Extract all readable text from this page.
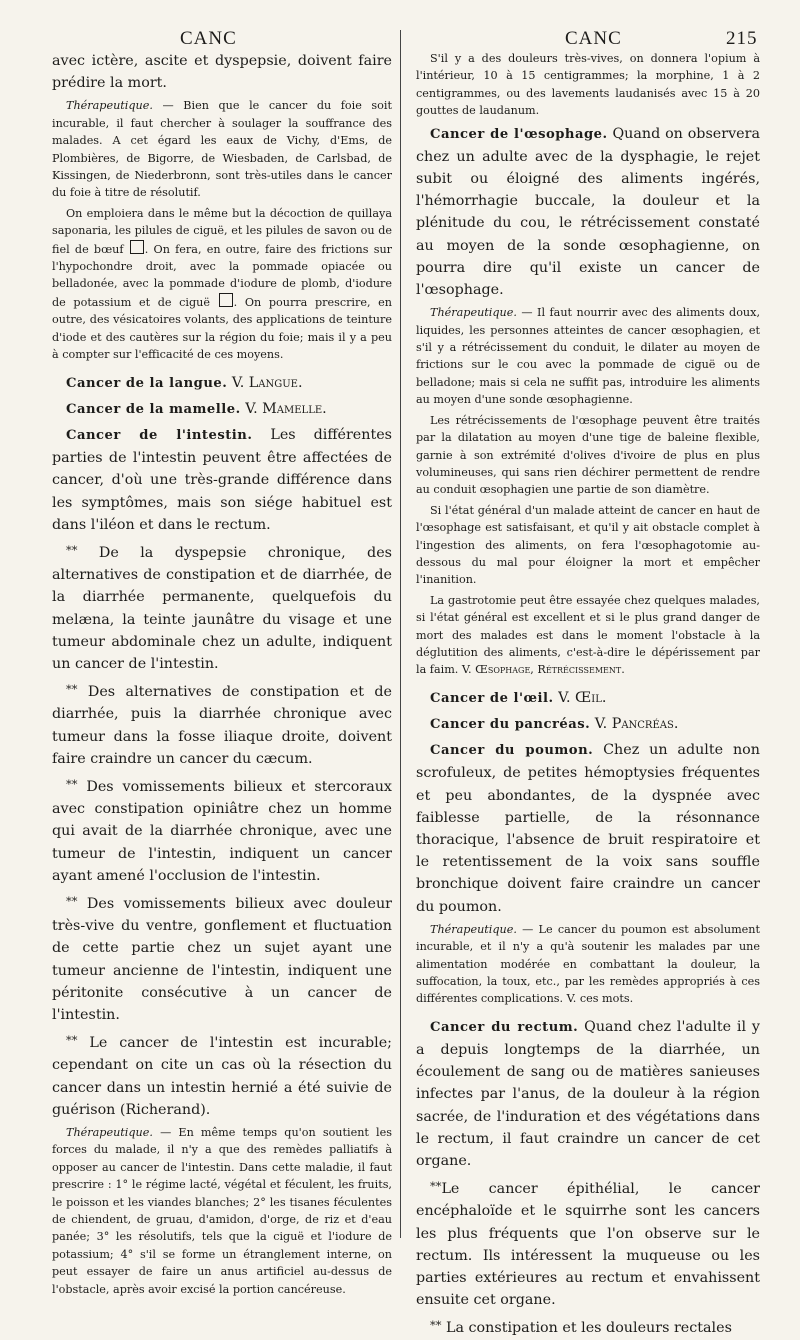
CANC	CANC	215

avec ictère, ascite et dyspepsie, doivent faire prédire la mort.

Thérapeutique. — Bien que le cancer du foie soit incurable, il faut chercher à soulager la souffrance des malades. A cet égard les eaux de Vichy, d'Ems, de Plombières, de Bigorre, de Wiesbaden, de Carlsbad, de Kissingen, de Niederbronn, sont très-utiles dans le cancer du foie à titre de résolutif.

On emploiera dans le même but la décoction de quillaya saponaria, les pilules de ciguë, et les pilules de savon ou de fiel de bœuf . On fera, en outre, faire des frictions sur l'hypochondre droit, avec la pommade opiacée ou belladonée, avec la pommade d'iodure de plomb, d'iodure de potassium et de ciguë . On pourra prescrire, en outre, des vésicatoires volants, des applications de teinture d'iode et des cautères sur la région du foie; mais il y a peu à compter sur l'efficacité de ces moyens.

Cancer de la langue. V. Langue.

Cancer de la mamelle. V. Mamelle.

Cancer de l'intestin. Les différentes parties de l'intestin peuvent être affectées de cancer, d'où une très-grande différence dans les symptômes, mais son siége habituel est dans l'iléon et dans le rectum.

** De la dyspepsie chronique, des alternatives de constipation et de diarrhée, de la diarrhée permanente, quelquefois du melæna, la teinte jaunâtre du visage et une tumeur abdominale chez un adulte, indiquent un cancer de l'intestin.

** Des alternatives de constipation et de diarrhée, puis la diarrhée chronique avec tumeur dans la fosse iliaque droite, doivent faire craindre un cancer du cæcum.

** Des vomissements bilieux et stercoraux avec constipation opiniâtre chez un homme qui avait de la diarrhée chronique, avec une tumeur de l'intestin, indiquent un cancer ayant amené l'occlusion de l'intestin.

** Des vomissements bilieux avec douleur très-vive du ventre, gonflement et fluctuation de cette partie chez un sujet ayant une tumeur ancienne de l'intestin, indiquent une péritonite consécutive à un cancer de l'intestin.

** Le cancer de l'intestin est incurable; cependant on cite un cas où la résection du cancer dans un intestin hernié a été suivie de guérison (Richerand).

Thérapeutique. — En même temps qu'on soutient les forces du malade, il n'y a que des remèdes palliatifs à opposer au cancer de l'intestin. Dans cette maladie, il faut prescrire : 1° le régime lacté, végétal et féculent, les fruits, le poisson et les viandes blanches; 2° les tisanes féculentes de chiendent, de gruau, d'amidon, d'orge, de riz et d'eau panée; 3° les résolutifs, tels que la ciguë et l'iodure de potassium; 4° s'il se forme un étranglement interne, on peut essayer de faire un anus artificiel au-dessus de l'obstacle, après avoir excisé la portion cancéreuse.

S'il y a des douleurs très-vives, on donnera l'opium à l'intérieur, 10 à 15 centigrammes; la morphine, 1 à 2 centigrammes, ou des lavements laudanisés avec 15 à 20 gouttes de laudanum.

Cancer de l'œsophage. Quand on observera chez un adulte avec de la dysphagie, le rejet subit ou éloigné des aliments ingérés, l'hémorrhagie buccale, la douleur et la plénitude du cou, le rétrécissement constaté au moyen de la sonde œsophagienne, on pourra dire qu'il existe un cancer de l'œsophage.

Thérapeutique. — Il faut nourrir avec des aliments doux, liquides, les personnes atteintes de cancer œsophagien, et s'il y a rétrécissement du conduit, le dilater au moyen de frictions sur le cou avec la pommade de ciguë ou de belladone; mais si cela ne suffit pas, introduire les aliments au moyen d'une sonde œsophagienne.

Les rétrécissements de l'œsophage peuvent être traités par la dilatation au moyen d'une tige de baleine flexible, garnie à son extrémité d'olives d'ivoire de plus en plus volumineuses, qui sans rien déchirer permettent de rendre au conduit œsophagien une partie de son diamètre.

Si l'état général d'un malade atteint de cancer en haut de l'œsophage est satisfaisant, et qu'il y ait obstacle complet à l'ingestion des aliments, on fera l'œsophagotomie au-dessous du mal pour éloigner la mort et empêcher l'inanition.

La gastrotomie peut être essayée chez quelques malades, si l'état général est excellent et si le plus grand danger de mort des malades est dans le moment l'obstacle à la déglutition des aliments, c'est-à-dire le dépérissement par la faim. V. Œsophage, Rétrécissement.

Cancer de l'œil. V. Œil.

Cancer du pancréas. V. Pancréas.

Cancer du poumon. Chez un adulte non scrofuleux, de petites hémoptysies fréquentes et peu abondantes, de la dyspnée avec faiblesse partielle, de la résonnance thoracique, l'absence de bruit respiratoire et le retentissement de la voix sans souffle bronchique doivent faire craindre un cancer du poumon.

Thérapeutique. — Le cancer du poumon est absolument incurable, et il n'y a qu'à soutenir les malades par une alimentation modérée en combattant la douleur, la suffocation, la toux, etc., par les remèdes appropriés à ces différentes complications. V. ces mots.

Cancer du rectum. Quand chez l'adulte il y a depuis longtemps de la diarrhée, un écoulement de sang ou de matières sanieuses infectes par l'anus, de la douleur à la région sacrée, de l'induration et des végétations dans le rectum, il faut craindre un cancer de cet organe.

**Le cancer épithélial, le cancer encéphaloïde et le squirrhe sont les cancers les plus fréquents que l'on observe sur le rectum. Ils intéressent la muqueuse ou les parties extérieures au rectum et envahissent ensuite cet organe.

** La constipation et les douleurs rectales
